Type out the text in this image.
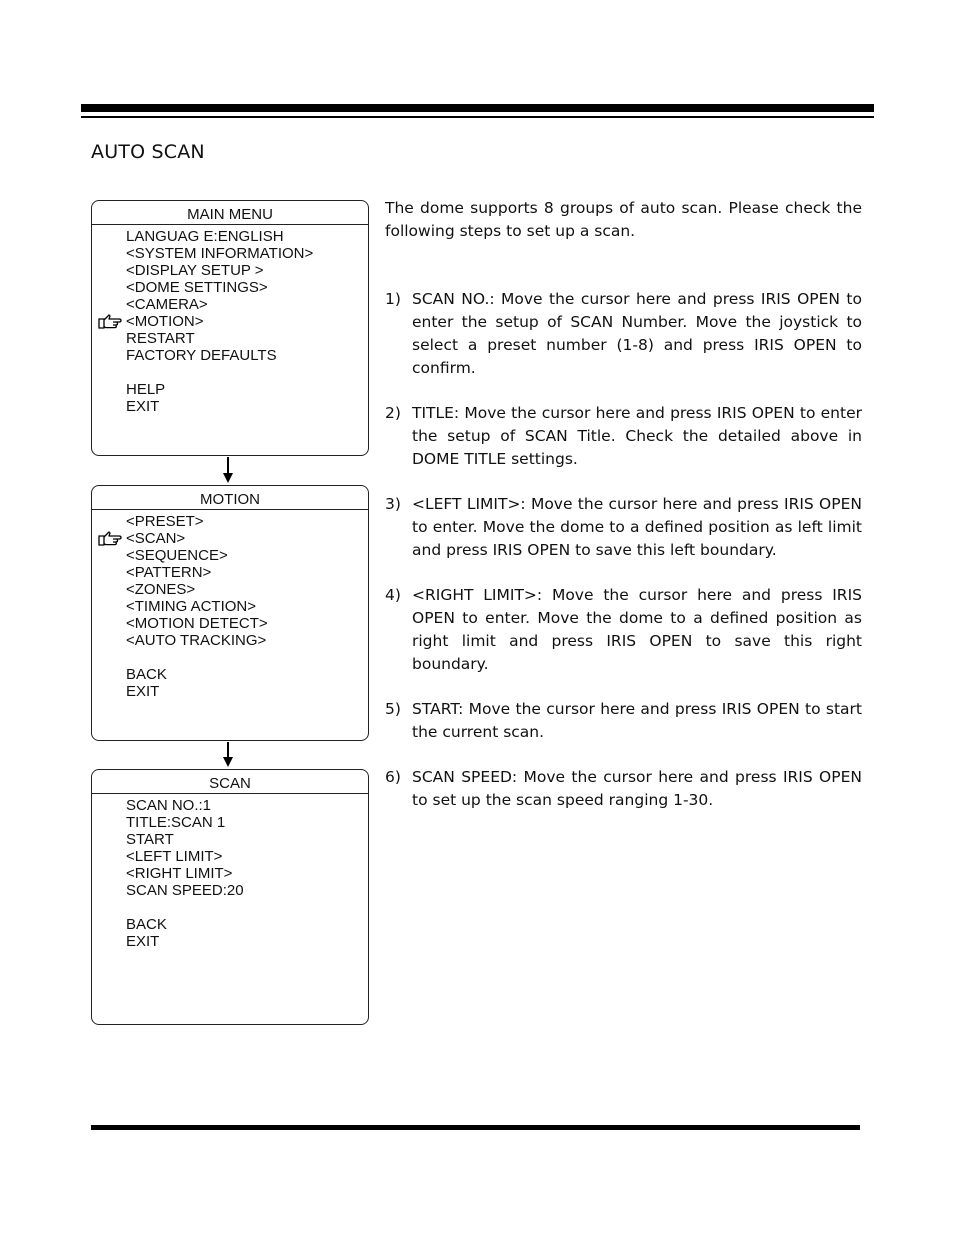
AUTO SCAN
MAIN MENU
LANGUAG E:ENGLISH
<SYSTEM INFORMATION>
<DISPLAY SETUP >
<DOME SETTINGS>
<CAMERA>
<MOTION>
RESTART
FACTORY DEFAULTS
HELP
EXIT
MOTION
<PRESET>
<SCAN>
<SEQUENCE>
<PATTERN>
<ZONES>
<TIMING ACTION>
<MOTION DETECT>
<AUTO TRACKING>
BACK
EXIT
SCAN
SCAN NO.:1
TITLE:SCAN 1
START
<LEFT LIMIT>
<RIGHT LIMIT>
SCAN SPEED:20
BACK
EXIT
The dome supports 8 groups of auto scan. Please check the following steps to set up a scan.
1) SCAN NO.: Move the cursor here and press IRIS OPEN to enter the setup of SCAN Number. Move the joystick to select a preset number (1-8) and press IRIS OPEN to confirm.
2) TITLE: Move the cursor here and press IRIS OPEN to enter the setup of SCAN Title. Check the detailed above in DOME TITLE settings.
3) <LEFT LIMIT>: Move the cursor here and press IRIS OPEN to enter. Move the dome to a defined position as left limit and press IRIS OPEN to save this left boundary.
4) <RIGHT LIMIT>: Move the cursor here and press IRIS OPEN to enter. Move the dome to a defined position as right limit and press IRIS OPEN to save this right boundary.
5) START: Move the cursor here and press IRIS OPEN to start the current scan.
6) SCAN SPEED: Move the cursor here and press IRIS OPEN to set up the scan speed ranging 1-30.
